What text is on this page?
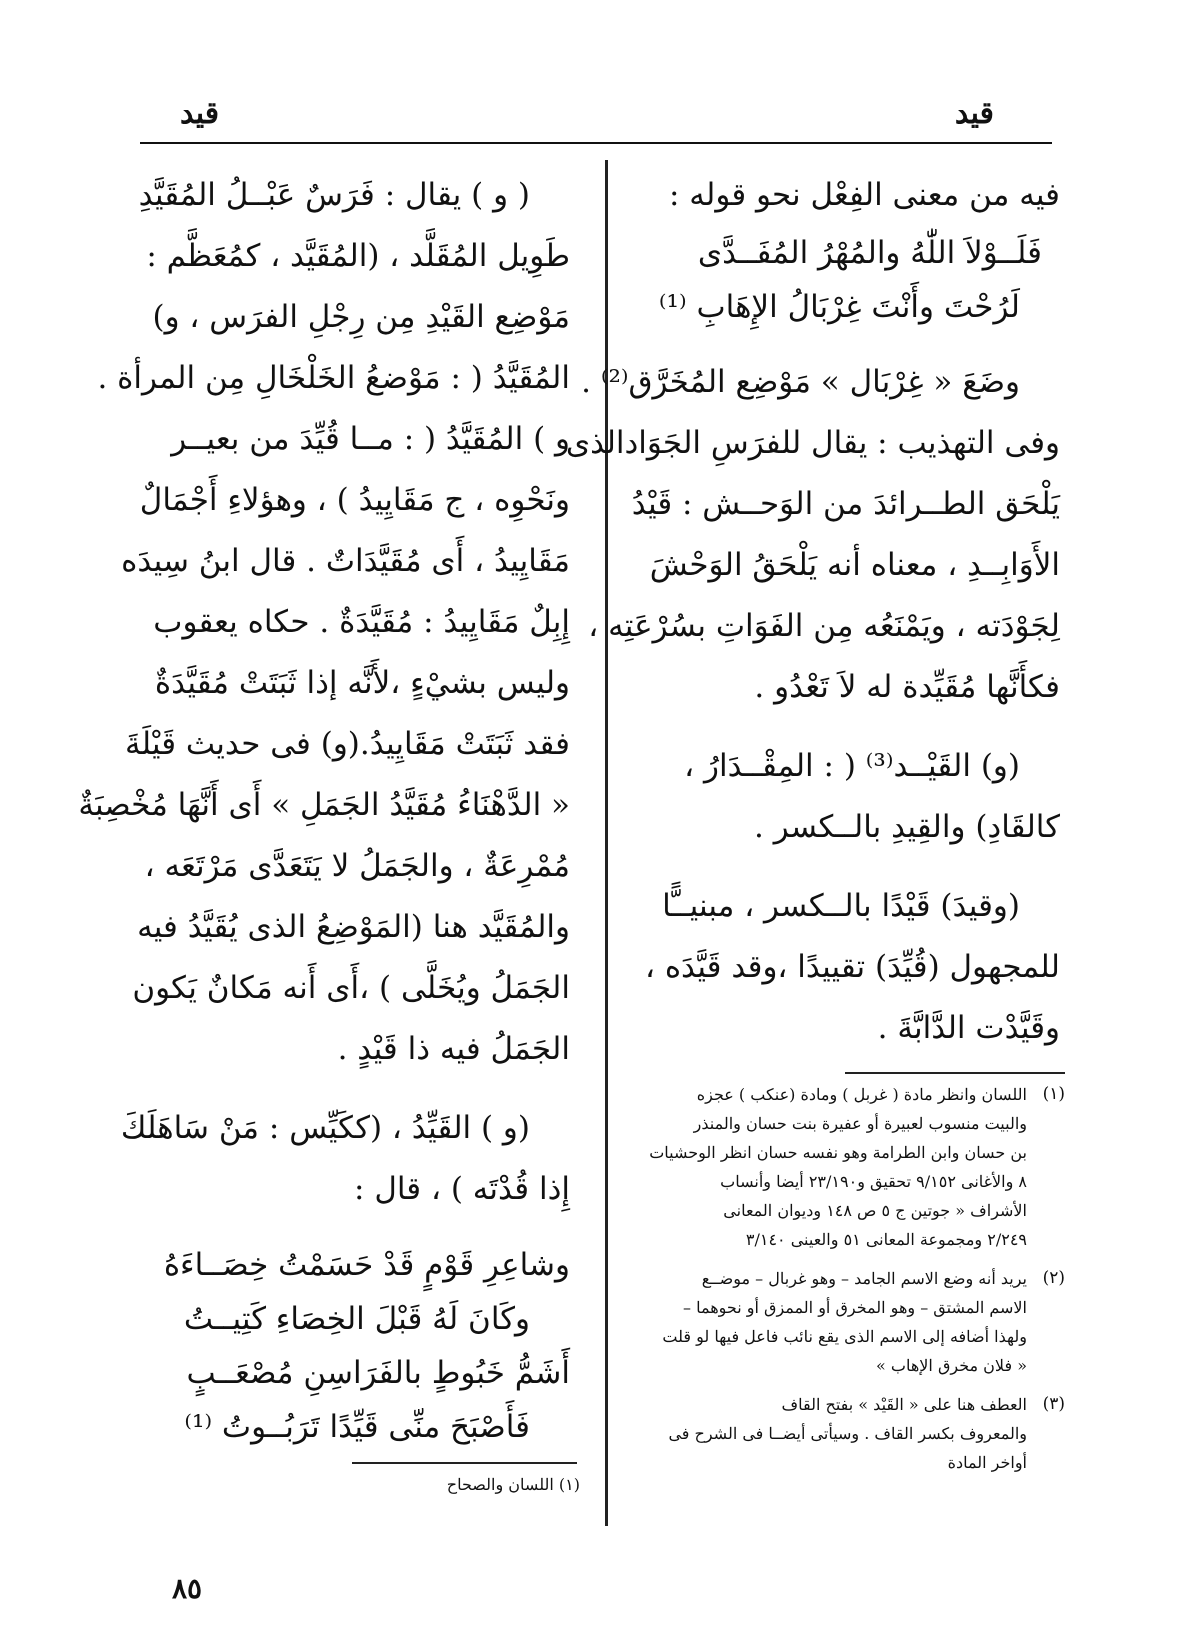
قيد
قيد
فيه من معنى الفِعْل نحو قوله :
فَلَــوْلاَ اللّٰهُ والمُهْرُ المُفَــدَّى
لَرُحْتَ وأَنْتَ غِرْبَالُ الإِهَابِ ⁽¹⁾
وضَعَ « غِرْبَال » مَوْضِع المُخَرَّق⁽²⁾ .
وفى التهذيب : يقال للفرَسِ الجَوَادالذى
يَلْحَق الطــرائدَ من الوَحــش : قَيْدُ
الأَوَابِــدِ ، معناه أنه يَلْحَقُ الوَحْشَ
لِجَوْدَته ، ويَمْنَعُه مِن الفَوَاتِ بسُرْعَتِه ،
فكأَنَّها مُقَيِّدة له لاَ تَعْدُو .
(و) القَيْــد⁽³⁾ ( : المِقْــدَارُ ،
كالقَادِ) والقِيدِ بالــكسر .
(وقيدَ) قَيْدًا بالــكسر ، مبنيــًّا
للمجهول (قُيِّدَ) تقييدًا ،وقد قَيَّدَه ،
وقَيَّدْت الدَّابَّةَ .
( و ) يقال : فَرَسٌ عَبْــلُ المُقَيَّدِ
طَوِيل المُقَلَّد ، (المُقَيَّد ، كمُعَظَّم :
مَوْضِع القَيْدِ مِن رِجْلِ الفرَس ، و)
المُقَيَّدُ ( : مَوْضعُ الخَلْخَالِ مِن المرأة .
و ) المُقَيَّدُ ( : مــا قُيِّدَ من بعيــر
ونَحْوِه ، ج مَقَايِيدُ ) ، وهؤلاءِ أَجْمَالٌ
مَقَايِيدُ ، أَى مُقَيَّدَاتٌ . قال ابنُ سِيدَه
إِبِلٌ مَقَايِيدُ : مُقَيَّدَةٌ . حكاه يعقوب
وليس بشيْءٍ ،لأَنَّه إذا ثَبَتَتْ مُقَيَّدَةٌ
فقد ثَبَتَتْ مَقَايِيدُ.(و) فى حديث قَيْلَةَ
« الدَّهْنَاءُ مُقَيَّدُ الجَمَلِ » أَى أَنَّهَا مُخْصِبَةٌ
مُمْرِعَةٌ ، والجَمَلُ لا يَتَعَدَّى مَرْتَعَه ،
والمُقَيَّد هنا (المَوْضِعُ الذى يُقَيَّدُ فيه
الجَمَلُ ويُخَلَّى ) ،أَى أَنه مَكانٌ يَكون
الجَمَلُ فيه ذا قَيْدٍ .
(و ) القَيِّدُ ، (ككَيِّس : مَنْ سَاهَلَكَ
إِذا قُدْتَه ) ، قال :
وشاعِرِ قَوْمٍ قَدْ حَسَمْتُ خِصَــاءَهُ
وكَانَ لَهُ قَبْلَ الخِصَاءِ كَتِيــتُ
أَشَمُّ خَبُوطٍ بالفَرَاسِنِ مُصْعَــبٍ
فَأَصْبَحَ منِّى قَيِّدًا تَرَبُــوتُ ⁽¹⁾
(١)
اللسان وانظر مادة ( غربل ) ومادة (عنكب ) عجزه
والبيت منسوب لعبيرة أو عفيرة بنت حسان والمنذر
بن حسان وابن الطرامة وهو نفسه حسان انظر الوحشيات
٨ والأغانى ٩/١٥٢ تحقيق و٢٣/١٩٠ أيضا وأنساب
الأشراف « جوتين ج ٥ ص ١٤٨ وديوان المعانى
٢/٢٤٩ ومجموعة المعانى ٥١ والعينى ٣/١٤٠
(٢)
يريد أنه وضع الاسم الجامد – وهو غربال – موضــع
الاسم المشتق – وهو المخرق أو الممزق أو نحوهما –
ولهذا أضافه إلى الاسم الذى يقع نائب فاعل فيها لو قلت
« فلان مخرق الإهاب »
(٣)
العطف هنا على « القَيْد » بفتح القاف
والمعروف بكسر القاف . وسيأتى أيضــا فى الشرح فى
أواخر المادة
(١) اللسان والصحاح
٨٥
